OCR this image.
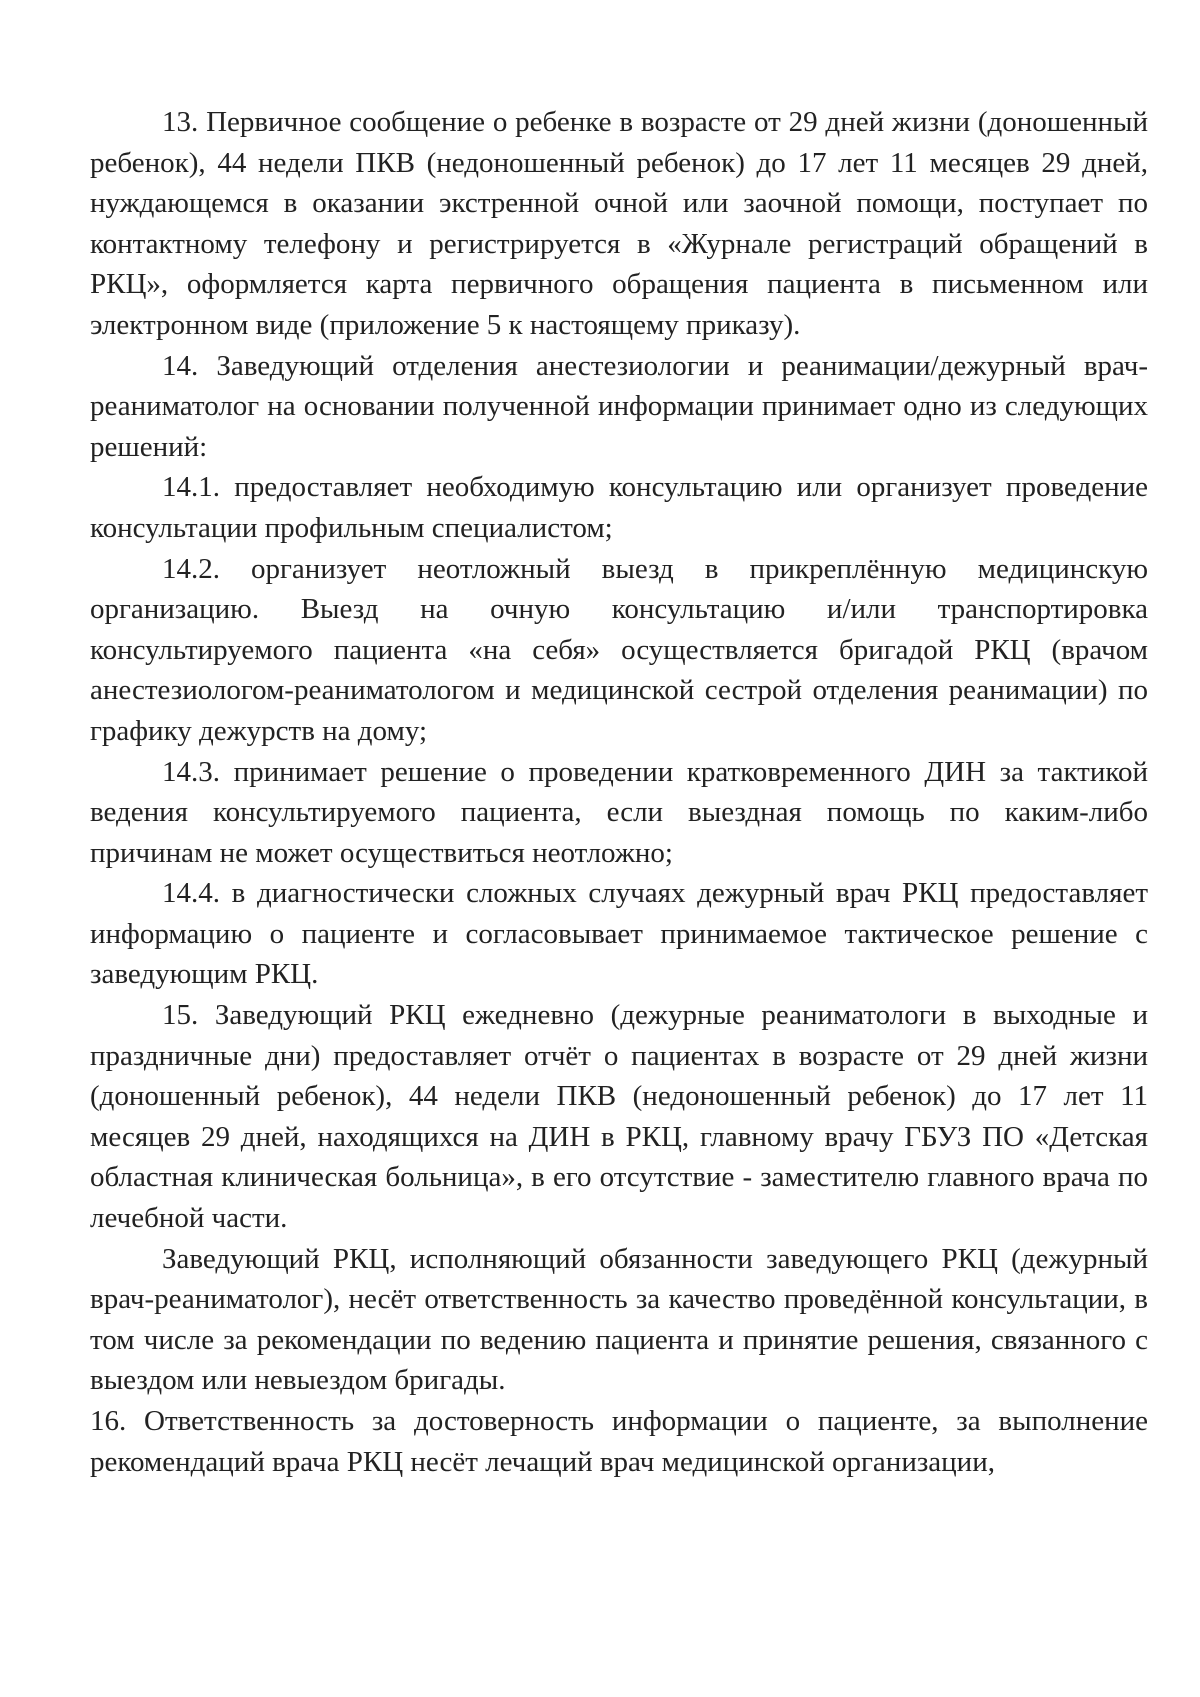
13. Первичное сообщение о ребенке в возрасте от 29 дней жизни (доношенный ребенок), 44 недели ПКВ (недоношенный ребенок) до 17 лет 11 месяцев 29 дней, нуждающемся в оказании экстренной очной или заочной помощи, поступает по контактному телефону и регистрируется в «Журнале регистраций обращений в РКЦ», оформляется карта первичного обращения пациента в письменном или электронном виде (приложение 5 к настоящему приказу).

14. Заведующий отделения анестезиологии и реанимации/дежурный врач-реаниматолог на основании полученной информации принимает одно из следующих решений:

14.1. предоставляет необходимую консультацию или организует проведение консультации профильным специалистом;

14.2. организует неотложный выезд в прикреплённую медицинскую организацию. Выезд на очную консультацию и/или транспортировка консультируемого пациента «на себя» осуществляется бригадой РКЦ (врачом анестезиологом-реаниматологом и медицинской сестрой отделения реанимации) по графику дежурств на дому;

14.3. принимает решение о проведении кратковременного ДИН за тактикой ведения консультируемого пациента, если выездная помощь по каким-либо причинам не может осуществиться неотложно;

14.4. в диагностически сложных случаях дежурный врач РКЦ предоставляет информацию о пациенте и согласовывает принимаемое тактическое решение с заведующим РКЦ.

15. Заведующий РКЦ ежедневно (дежурные реаниматологи в выходные и праздничные дни) предоставляет отчёт о пациентах в возрасте от 29 дней жизни (доношенный ребенок), 44 недели ПКВ (недоношенный ребенок) до 17 лет 11 месяцев 29 дней, находящихся на ДИН в РКЦ, главному врачу ГБУЗ ПО «Детская областная клиническая больница», в его отсутствие - заместителю главного врача по лечебной части.

Заведующий РКЦ, исполняющий обязанности заведующего РКЦ (дежурный врач-реаниматолог), несёт ответственность за качество проведённой консультации, в том числе за рекомендации по ведению пациента и принятие решения, связанного с выездом или невыездом бригады.

16. Ответственность за достоверность информации о пациенте, за выполнение рекомендаций врача РКЦ несёт лечащий врач медицинской организации,
